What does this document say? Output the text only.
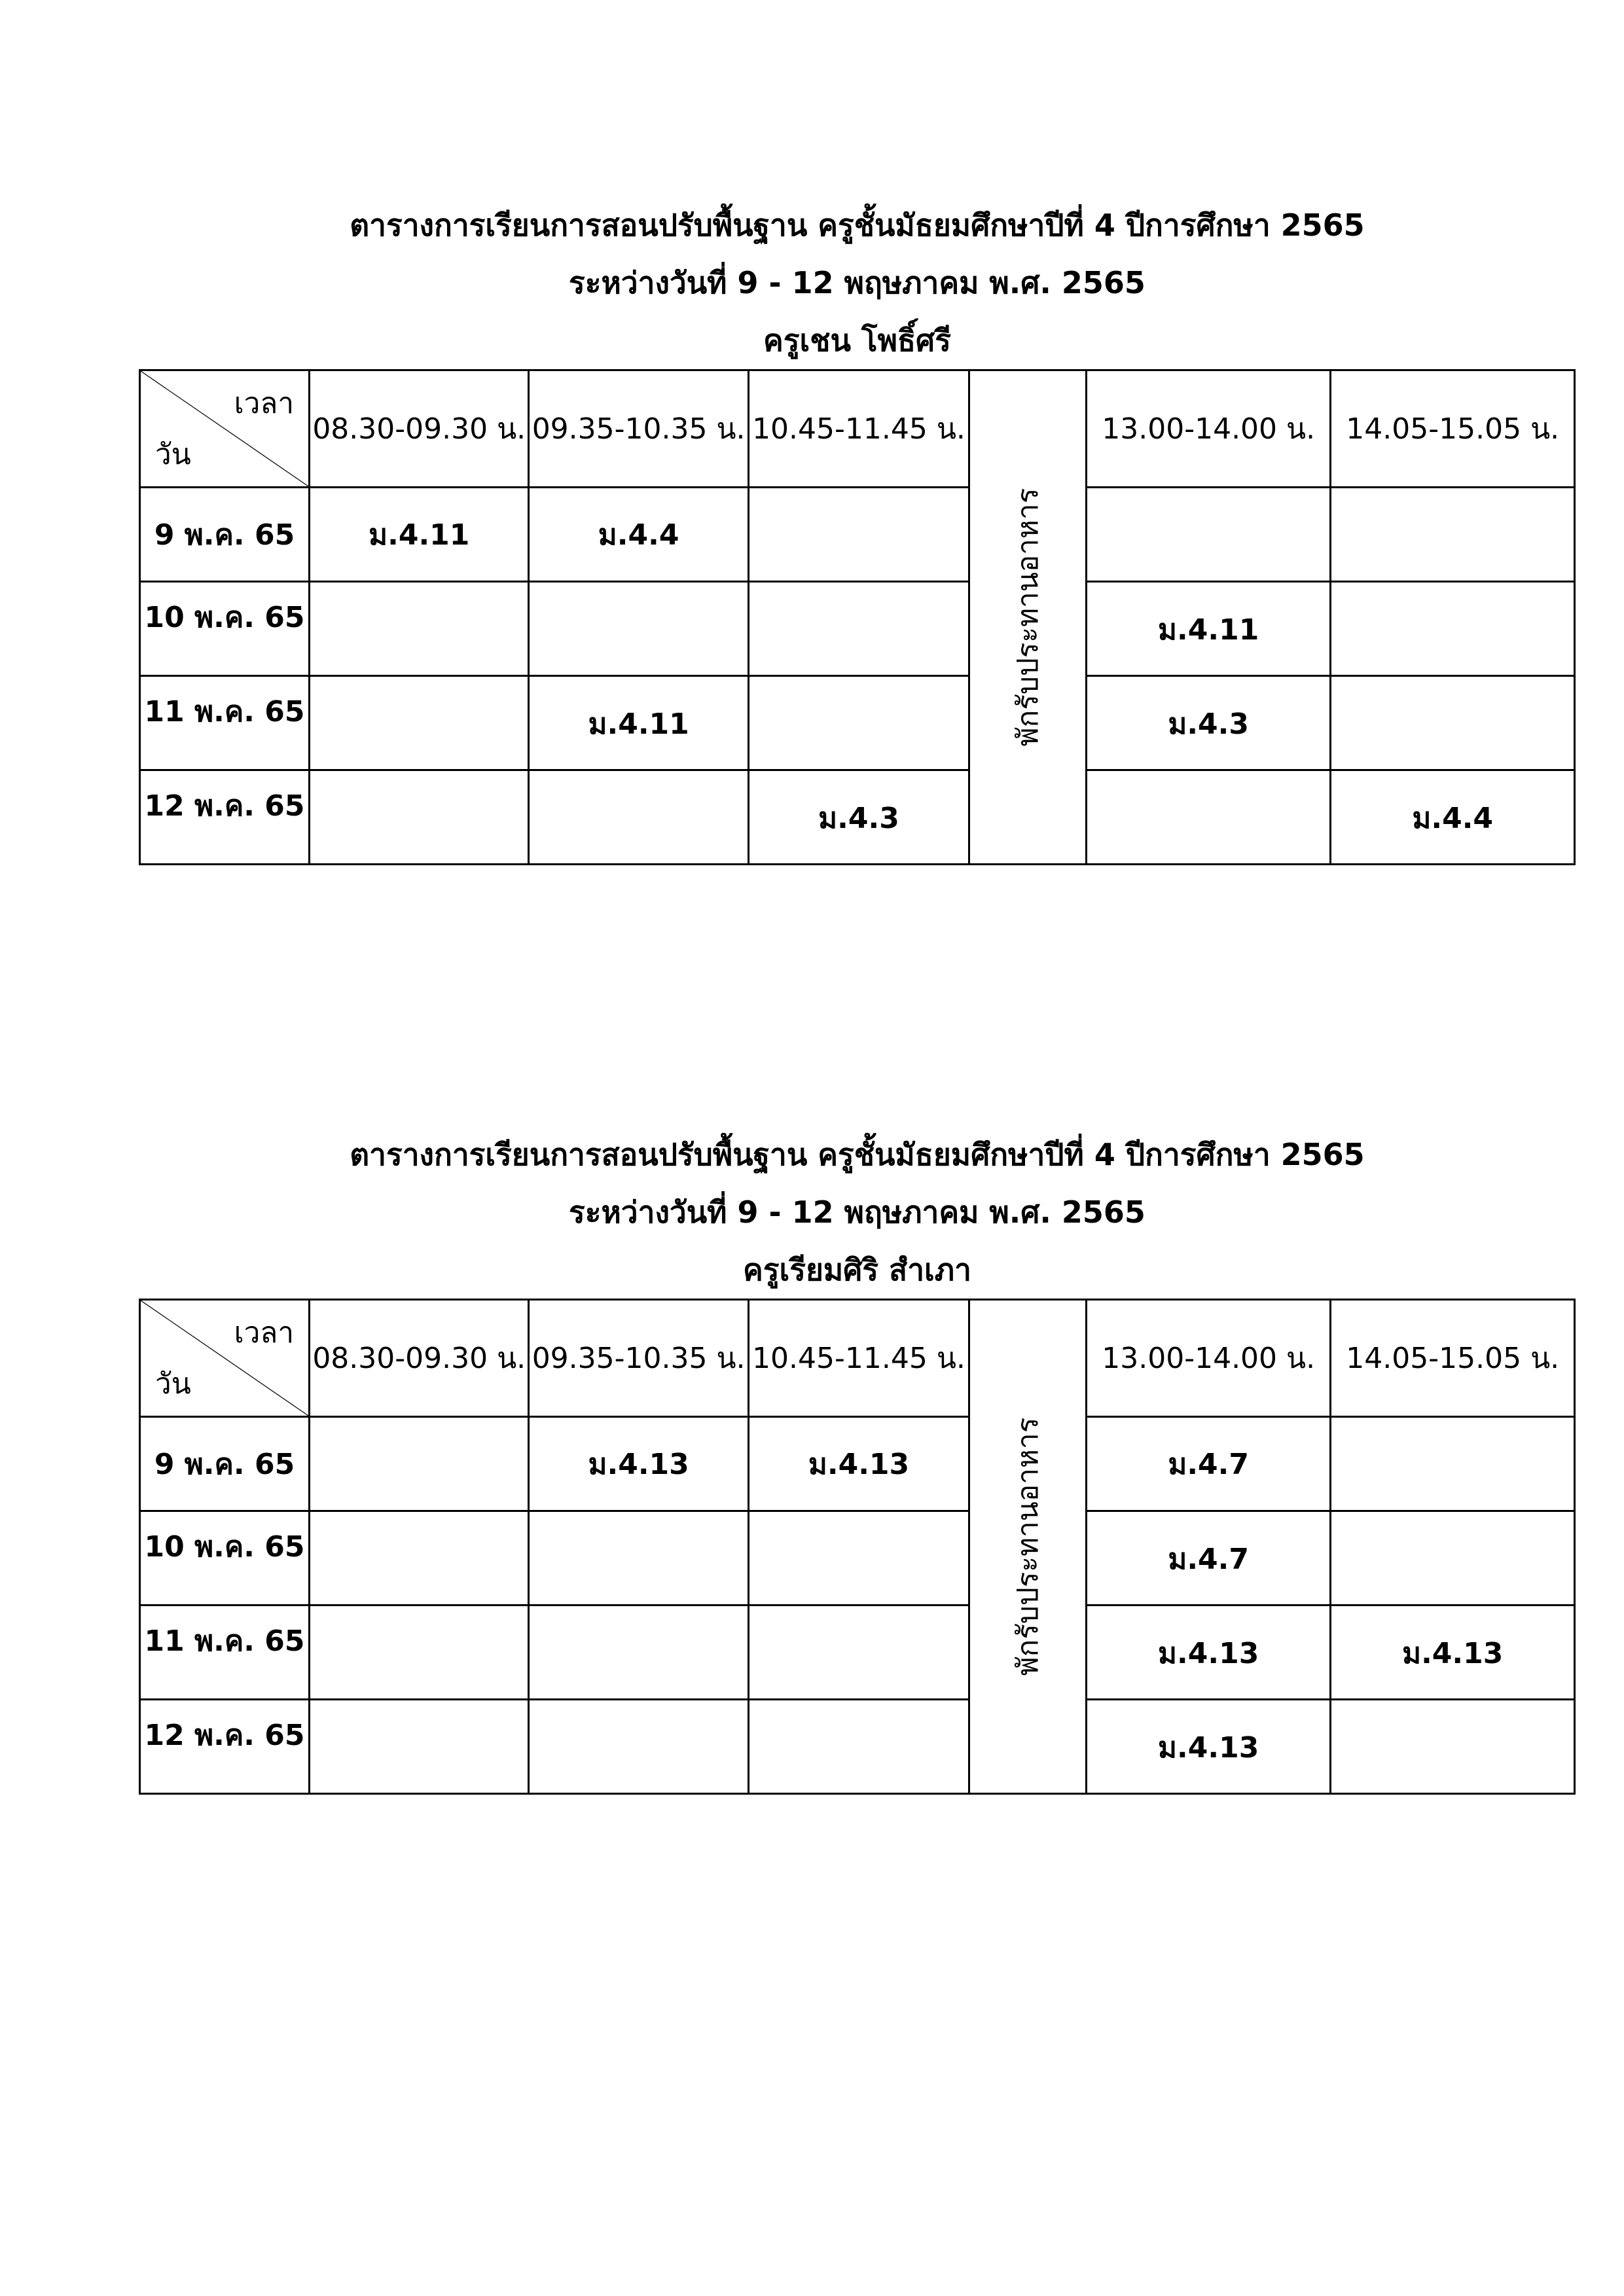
ตารางการเรียนการสอนปรับพื้นฐาน ครูชั้นมัธยมศึกษาปีที่ 4 ปีการศึกษา 2565
ระหว่างวันที่ 9 - 12 พฤษภาคม พ.ศ. 2565
ครูเชน โพธิ์ศรี
เวลา
วัน	08.30-09.30 น.	09.35-10.35 น.	10.45-11.45 น.	พักรับประทานอาหาร	13.00-14.00 น.	14.05-15.05 น.
9 พ.ค. 65	ม.4.11	ม.4.4				

10 พ.ค. 65					ม.4.11	

11 พ.ค. 65		ม.4.11			ม.4.3	

12 พ.ค. 65			ม.4.3			ม.4.4
ตารางการเรียนการสอนปรับพื้นฐาน ครูชั้นมัธยมศึกษาปีที่ 4 ปีการศึกษา 2565
ระหว่างวันที่ 9 - 12 พฤษภาคม พ.ศ. 2565
ครูเรียมศิริ สำเภา
เวลา
วัน	08.30-09.30 น.	09.35-10.35 น.	10.45-11.45 น.	พักรับประทานอาหาร	13.00-14.00 น.	14.05-15.05 น.
9 พ.ค. 65		ม.4.13	ม.4.13		ม.4.7	

10 พ.ค. 65					ม.4.7	

11 พ.ค. 65					ม.4.13	ม.4.13

12 พ.ค. 65					ม.4.13	
